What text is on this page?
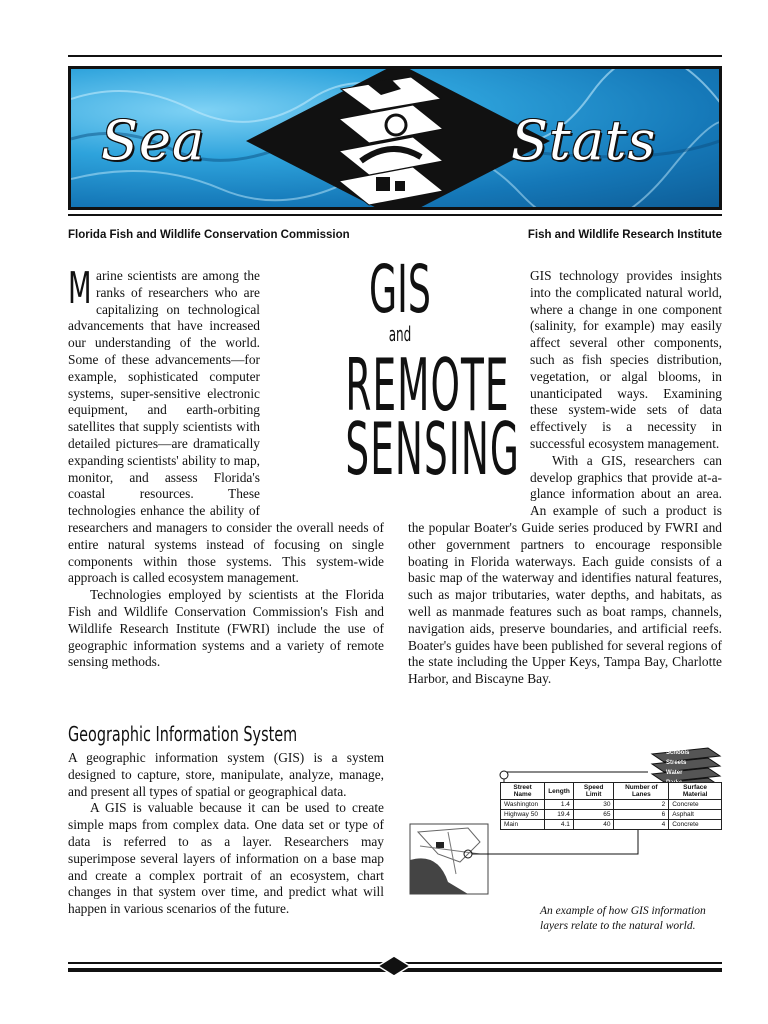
Sea	Stats
Florida Fish and Wildlife Conservation Commission	Fish and Wildlife Research Institute
M arine scientists are among the ranks of researchers who are capitalizing on technological advancements that have increased our understanding of the world. Some of these advancements—for example, sophisticated computer systems, super-sensitive electronic equipment, and earth-orbiting satellites that supply scientists with detailed pictures—are dramatically expanding scientists' ability to map, monitor, and assess Florida's coastal resources. These technologies enhance the ability of researchers and managers to consider the overall needs of entire natural systems instead of focusing on single components within those systems. This system-wide approach is called ecosystem management.

Technologies employed by scientists at the Florida Fish and Wildlife Conservation Commission's Fish and Wildlife Research Institute (FWRI) include the use of geographic information systems and a variety of remote sensing methods.

GIS
and
REMOTE
SENSING

GIS technology provides insights into the complicated natural world, where a change in one component (salinity, for example) may easily affect several other components, such as fish species distribution, vegetation, or algal blooms, in unanticipated ways. Examining these system-wide sets of data effectively is a necessity in successful ecosystem management.

With a GIS, researchers can develop graphics that provide at-a-glance information about an area. An example of such a product is the popular Boater's Guide series produced by FWRI and other government partners to encourage responsible boating in Florida waterways. Each guide consists of a basic map of the waterway and identifies natural features, such as major tributaries, water depths, and habitats, as well as manmade features such as boat ramps, channels, navigation aids, preserve boundaries, and artificial reefs. Boater's guides have been published for several regions of the state including the Upper Keys, Tampa Bay, Charlotte Harbor, and Biscayne Bay.

Geographic Information System

A geographic information system (GIS) is a system designed to capture, store, manipulate, analyze, manage, and present all types of spatial or geographical data.

A GIS is valuable because it can be used to create simple maps from complex data. One data set or type of data is referred to as a layer. Researchers may superimpose several layers of information on a base map and create a complex portrait of an ecosystem, chart changes in that system over time, and predict what will happen in various scenarios of the future.

Schools
Streets
Water
Street Name	Length	Speed Limit	Number of Lanes	Surface Material
Washington	1.4	30	2	Concrete
Highway 50	19.4	65	6	Asphalt
Main	4.1	40	4	Concrete
An example of how GIS information layers relate to the natural world.
